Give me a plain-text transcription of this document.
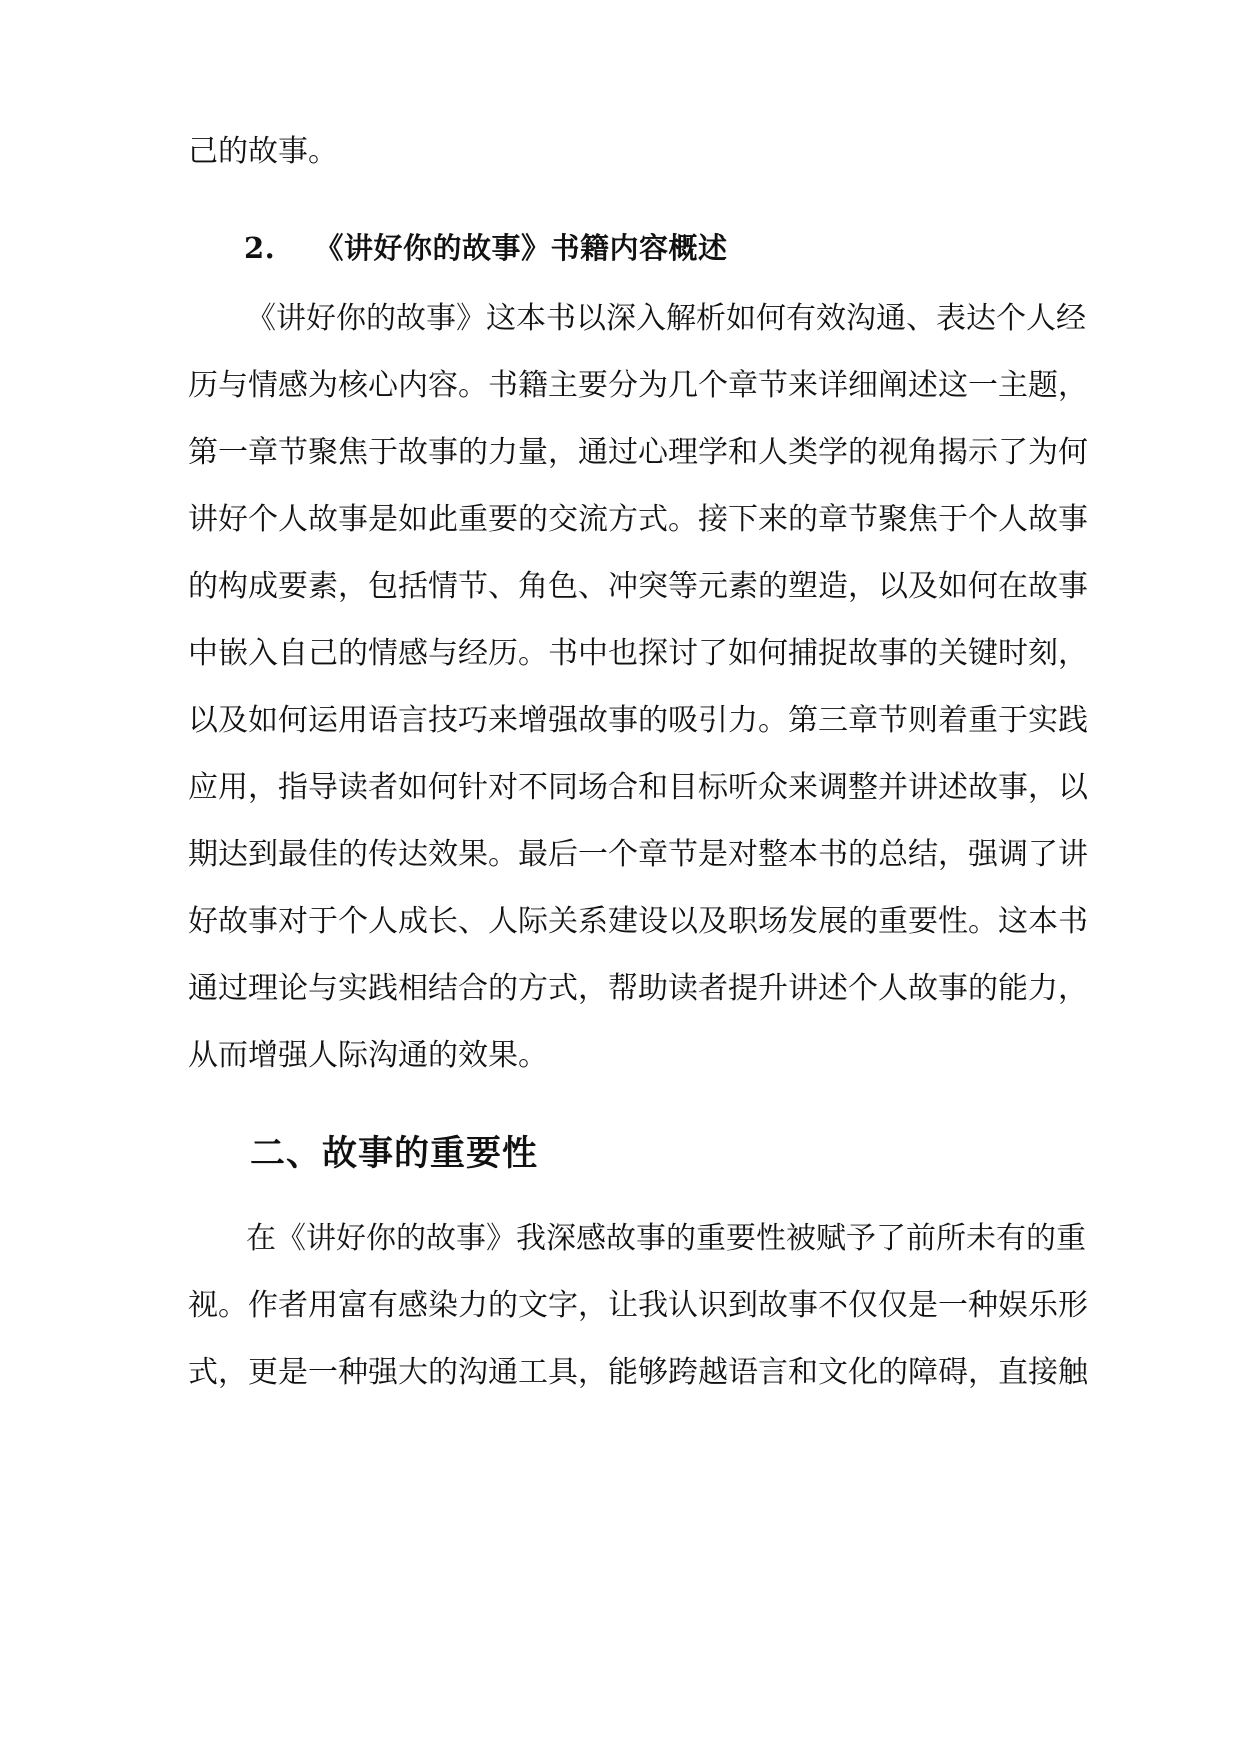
己的故事。
2. 《讲好你的故事》书籍内容概述
《讲好你的故事》这本书以深入解析如何有效沟通、表达个人经
历与情感为核心内容。书籍主要分为几个章节来详细阐述这一主题，
第一章节聚焦于故事的力量，通过心理学和人类学的视角揭示了为何
讲好个人故事是如此重要的交流方式。接下来的章节聚焦于个人故事
的构成要素，包括情节、角色、冲突等元素的塑造，以及如何在故事
中嵌入自己的情感与经历。书中也探讨了如何捕捉故事的关键时刻，
以及如何运用语言技巧来增强故事的吸引力。第三章节则着重于实践
应用，指导读者如何针对不同场合和目标听众来调整并讲述故事，以
期达到最佳的传达效果。最后一个章节是对整本书的总结，强调了讲
好故事对于个人成长、人际关系建设以及职场发展的重要性。这本书
通过理论与实践相结合的方式，帮助读者提升讲述个人故事的能力，
从而增强人际沟通的效果。
二、故事的重要性
在《讲好你的故事》我深感故事的重要性被赋予了前所未有的重
视。作者用富有感染力的文字，让我认识到故事不仅仅是一种娱乐形
式，更是一种强大的沟通工具，能够跨越语言和文化的障碍，直接触
